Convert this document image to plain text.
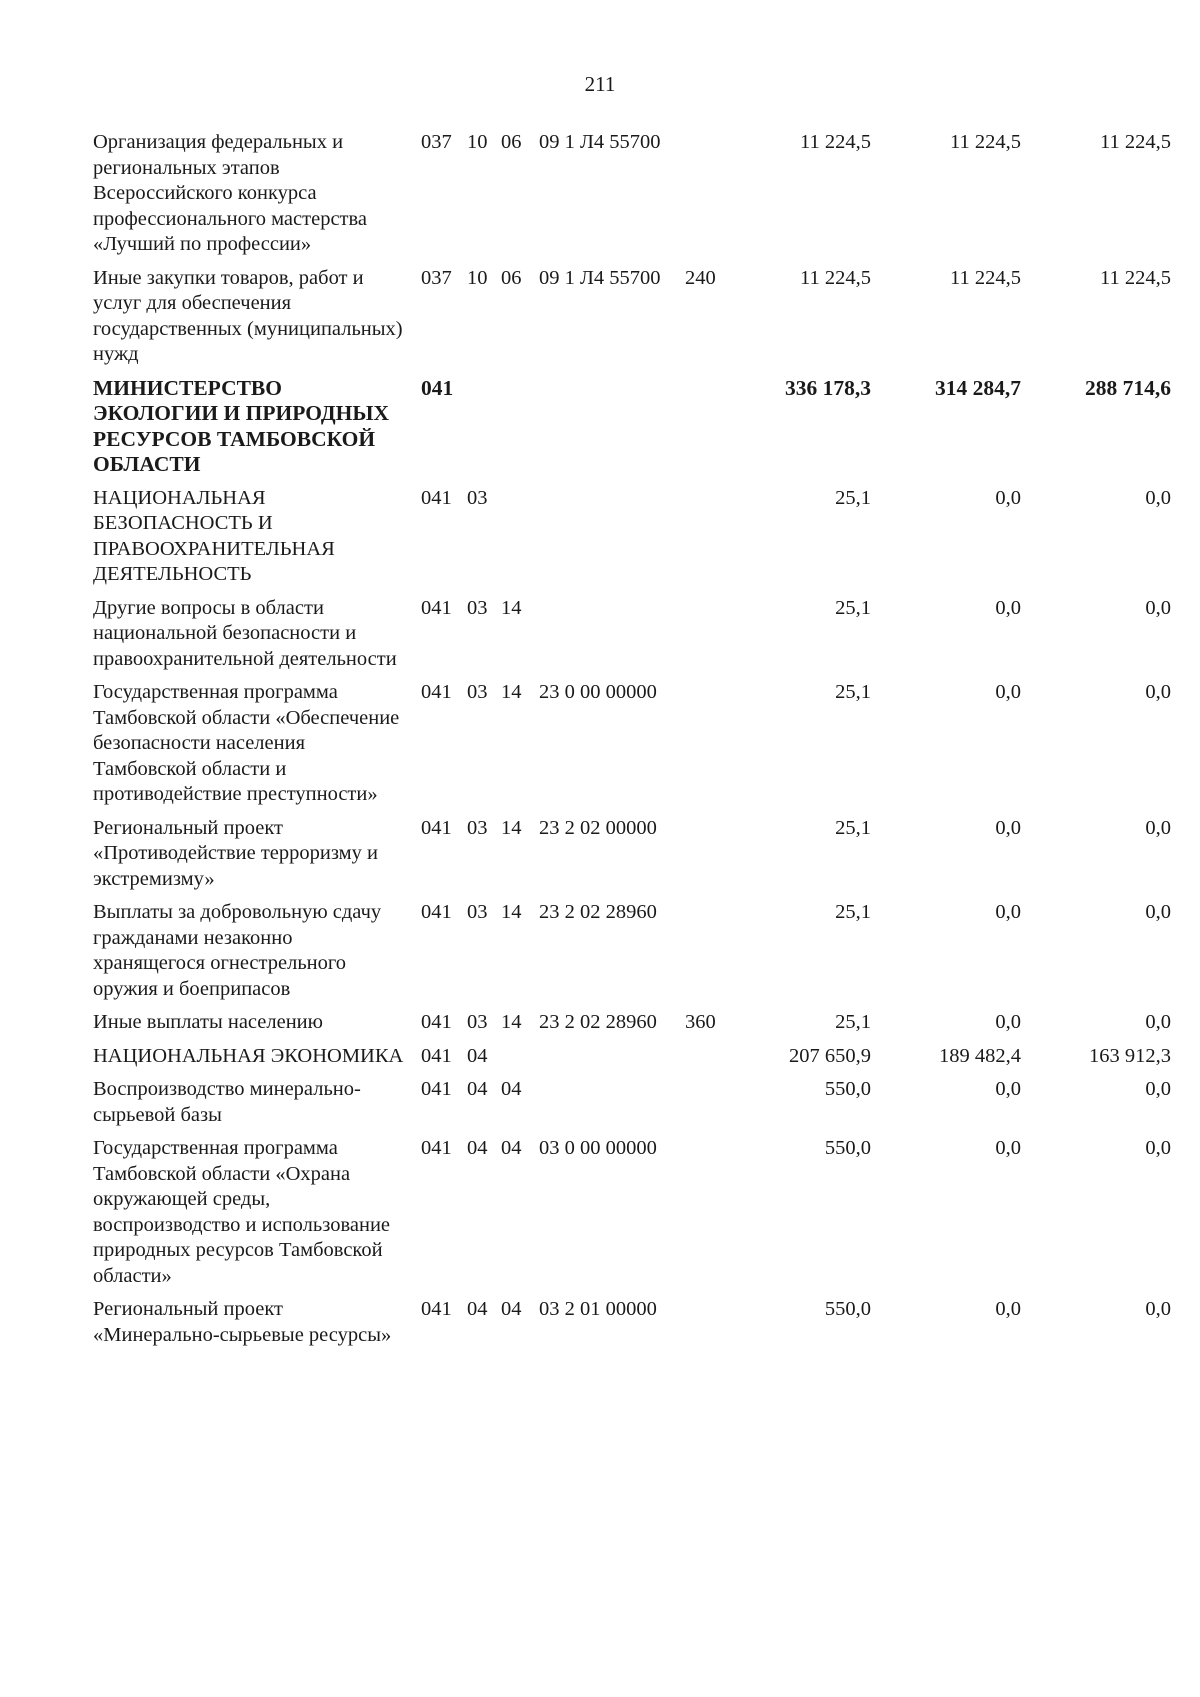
211
Организация федеральных и региональных этапов Всероссийского конкурса профессионального мастерства «Лучший по профессии»	037	10	06	09 1 Л4 55700		11 224,5	11 224,5	11 224,5
Иные закупки товаров, работ и услуг для обеспечения государственных (муниципальных) нужд	037	10	06	09 1 Л4 55700	240	11 224,5	11 224,5	11 224,5
МИНИСТЕРСТВО ЭКОЛОГИИ И ПРИРОДНЫХ РЕСУРСОВ ТАМБОВСКОЙ ОБЛАСТИ	041					336 178,3	314 284,7	288 714,6
НАЦИОНАЛЬНАЯ БЕЗОПАСНОСТЬ И ПРАВООХРАНИТЕЛЬНАЯ ДЕЯТЕЛЬНОСТЬ	041	03				25,1	0,0	0,0
Другие вопросы в области национальной безопасности и правоохранительной деятельности	041	03	14			25,1	0,0	0,0
Государственная программа Тамбовской области «Обеспечение безопасности населения Тамбовской области и противодействие преступности»	041	03	14	23 0 00 00000		25,1	0,0	0,0
Региональный проект «Противодействие терроризму и экстремизму»	041	03	14	23 2 02 00000		25,1	0,0	0,0
Выплаты за добровольную сдачу гражданами незаконно хранящегося огнестрельного оружия и боеприпасов	041	03	14	23 2 02 28960		25,1	0,0	0,0
Иные выплаты населению	041	03	14	23 2 02 28960	360	25,1	0,0	0,0
НАЦИОНАЛЬНАЯ ЭКОНОМИКА	041	04				207 650,9	189 482,4	163 912,3
Воспроизводство минерально-сырьевой базы	041	04	04			550,0	0,0	0,0
Государственная программа Тамбовской области «Охрана окружающей среды, воспроизводство и использование природных ресурсов Тамбовской области»	041	04	04	03 0 00 00000		550,0	0,0	0,0
Региональный проект «Минерально-сырьевые ресурсы»	041	04	04	03 2 01 00000		550,0	0,0	0,0
